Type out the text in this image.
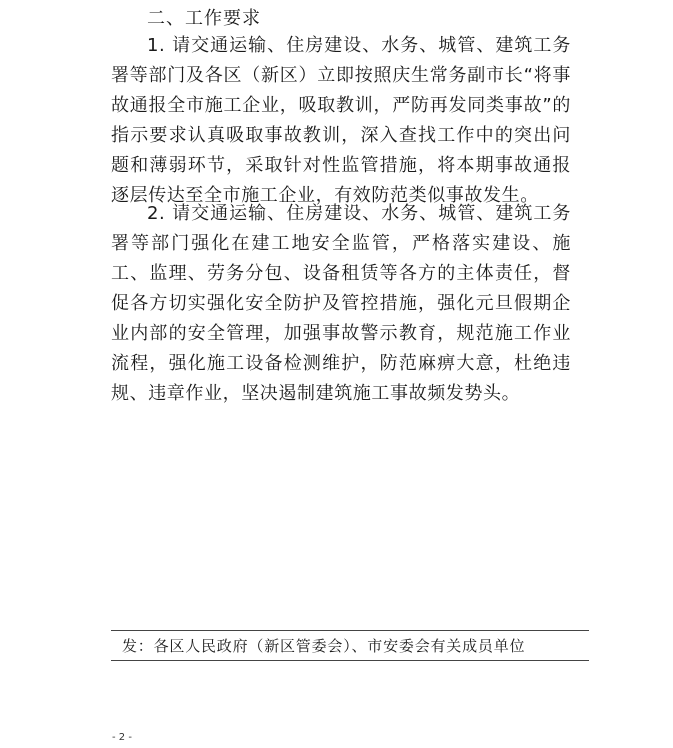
二、工作要求

1. 请交通运输、住房建设、水务、城管、建筑工务署等部门及各区（新区）立即按照庆生常务副市长“将事故通报全市施工企业，吸取教训，严防再发同类事故”的指示要求认真吸取事故教训，深入查找工作中的突出问题和薄弱环节，采取针对性监管措施，将本期事故通报逐层传达至全市施工企业，有效防范类似事故发生。

2. 请交通运输、住房建设、水务、城管、建筑工务署等部门强化在建工地安全监管，严格落实建设、施工、监理、劳务分包、设备租赁等各方的主体责任，督促各方切实强化安全防护及管控措施，强化元旦假期企业内部的安全管理，加强事故警示教育，规范施工作业流程，强化施工设备检测维护，防范麻痹大意，杜绝违规、违章作业，坚决遏制建筑施工事故频发势头。

发：各区人民政府（新区管委会）、市安委会有关成员单位
- 2 -
